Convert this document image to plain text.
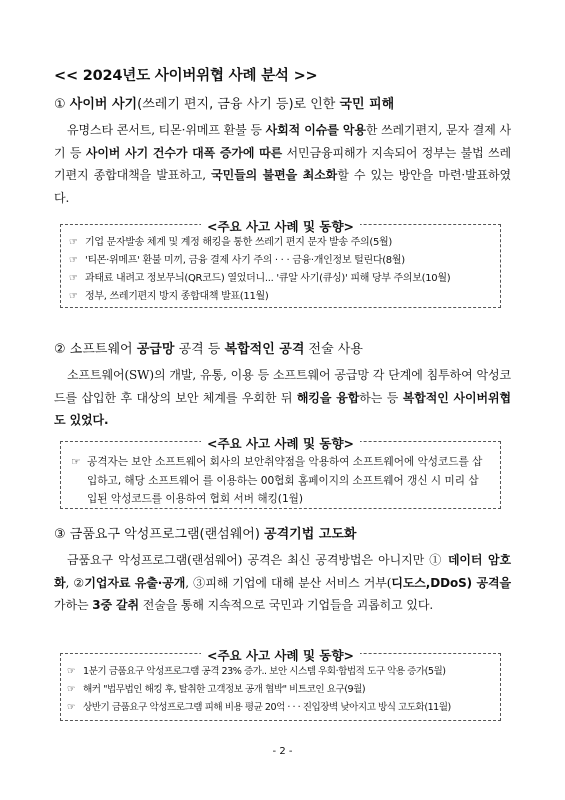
<< 2024년도 사이버위협 사례 분석 >>
① 사이버 사기(쓰레기 편지, 금융 사기 등)로 인한 국민 피해

유명스타 콘서트, 티몬·위메프 환불 등 사회적 이슈를 악용한 쓰레기편지, 문자 결제 사기 등 사이버 사기 건수가 대폭 증가에 따른 서민금융피해가 지속되어 정부는 불법 쓰레기편지 종합대책을 발표하고, 국민들의 불편을 최소화할 수 있는 방안을 마련·발표하였다.

<주요 사고 사례 및 동향>
☞ 기업 문자발송 체계 및 계정 해킹을 통한 쓰레기 편지 문자 발송 주의(5월)
☞ '티몬·위메프' 환불 미끼, 금융 결제 사기 주의 · · · 금융·개인정보 털린다(8월)
☞ 과태료 내려고 정보무늬(QR코드) 열었더니... '큐알 사기(큐싱)' 피해 당부 주의보(10월)
☞ 정부, 쓰레기편지 방지 종합대책 발표(11월)
② 소프트웨어 공급망 공격 등 복합적인 공격 전술 사용

소프트웨어(SW)의 개발, 유통, 이용 등 소프트웨어 공급망 각 단계에 침투하여 악성코드를 삽입한 후 대상의 보안 체계를 우회한 뒤 해킹을 융합하는 등 복합적인 사이버위협도 있었다.

<주요 사고 사례 및 동향>
☞ 공격자는 보안 소프트웨어 회사의 보안취약점을 악용하여 소프트웨어에 악성코드를 삽입하고, 해당 소프트웨어 를 이용하는 00협회 홈페이지의 소프트웨어 갱신 시 미리 삽입된 악성코드를 이용하여 협회 서버 해킹(1월)
③ 금품요구 악성프로그램(랜섬웨어) 공격기법 고도화

금품요구 악성프로그램(랜섬웨어) 공격은 최신 공격방법은 아니지만 ① 데이터 암호화, ②기업자료 유출·공개, ③피해 기업에 대해 분산 서비스 거부(디도스,DDoS) 공격을 가하는 3중 갈취 전술을 통해 지속적으로 국민과 기업들을 괴롭히고 있다.

<주요 사고 사례 및 동향>
☞ 1분기 금품요구 악성프로그램 공격 23% 증가.. 보안 시스템 우회·합법적 도구 악용 증가(5월)
☞ 해커 "법무법인 해킹 후, 탈취한 고객정보 공개 협박" 비트코인 요구(9월)
☞ 상반기 금품요구 악성프로그램 피해 비용 평균 20억 · · · 진입장벽 낮아지고 방식 고도화(11월)
- 2 -
